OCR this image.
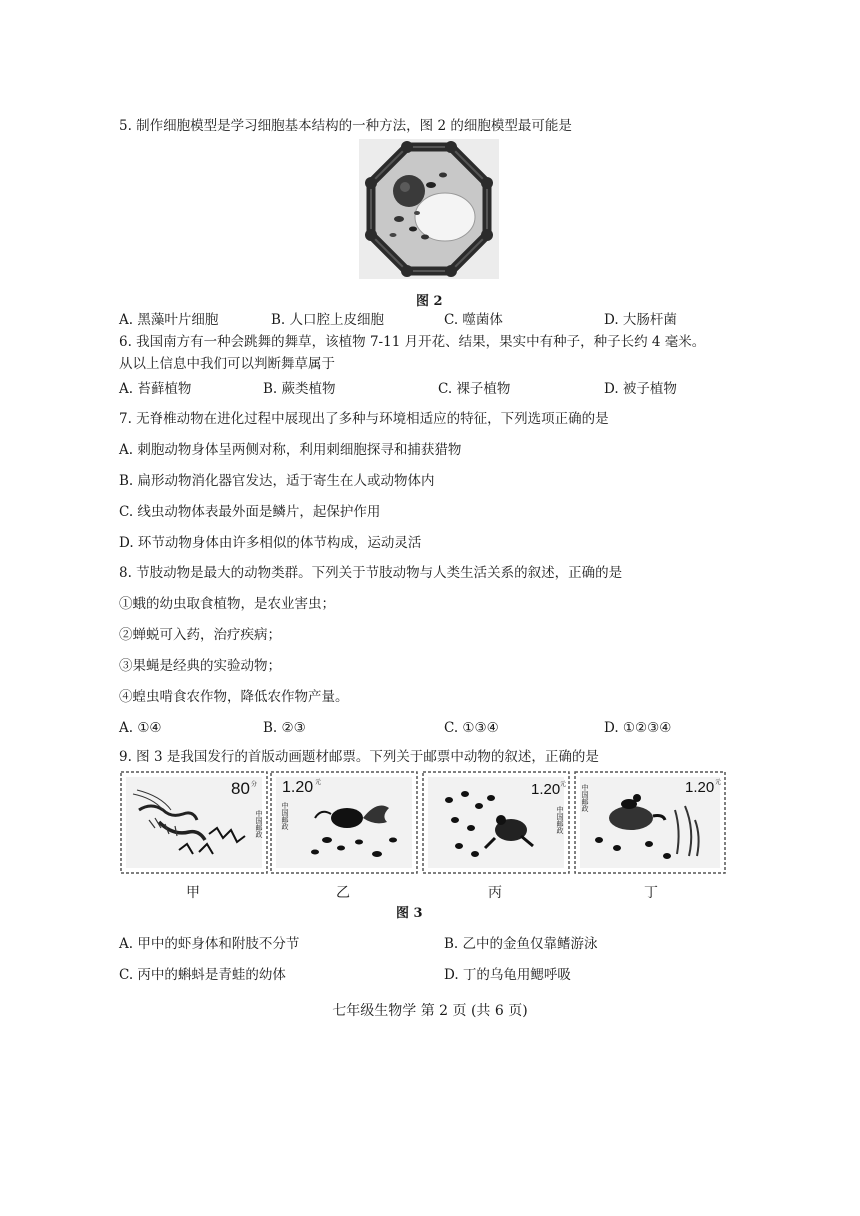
5. 制作细胞模型是学习细胞基本结构的一种方法，图 2 的细胞模型最可能是
图 2
A. 黑藻叶片细胞	B. 人口腔上皮细胞	C. 噬菌体	D. 大肠杆菌
6. 我国南方有一种会跳舞的舞草，该植物 7-11 月开花、结果，果实中有种子，种子长约 4 毫米。
从以上信息中我们可以判断舞草属于
A. 苔藓植物	B. 蕨类植物	C. 裸子植物	D. 被子植物
7. 无脊椎动物在进化过程中展现出了多种与环境相适应的特征，下列选项正确的是
A. 刺胞动物身体呈两侧对称，利用刺细胞探寻和捕获猎物
B. 扁形动物消化器官发达，适于寄生在人或动物体内
C. 线虫动物体表最外面是鳞片，起保护作用
D. 环节动物身体由许多相似的体节构成，运动灵活
8. 节肢动物是最大的动物类群。下列关于节肢动物与人类生活关系的叙述，正确的是
①蛾的幼虫取食植物，是农业害虫；
②蝉蜕可入药，治疗疾病；
③果蝇是经典的实验动物；
④蝗虫啃食农作物，降低农作物产量。
A. ①④	B. ②③	C. ①③④	D. ①②③④
9. 图 3 是我国发行的首版动画题材邮票。下列关于邮票中动物的叙述，正确的是
80 分
中国邮政
1.20 元
中国邮政
1.20 元
中国邮政
1.20 元
中国邮政
甲	乙	丙	丁
图 3
A. 甲中的虾身体和附肢不分节	B. 乙中的金鱼仅靠鳍游泳
C. 丙中的蝌蚪是青蛙的幼体	D. 丁的乌龟用鳃呼吸
七年级生物学 第 2 页 (共 6 页)
